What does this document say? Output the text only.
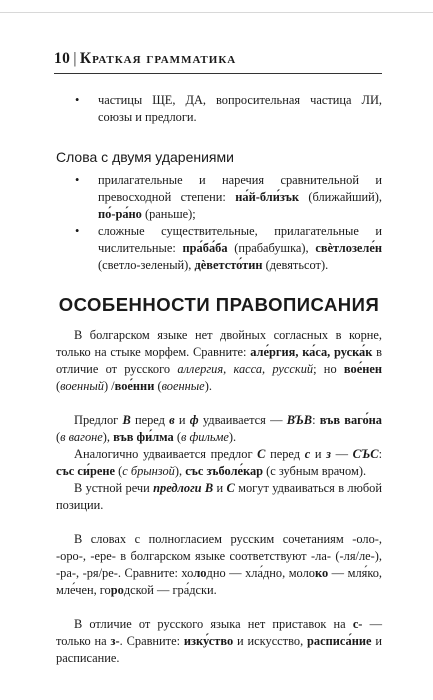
10 | Краткая грамматика

•	частицы ЩЕ, ДА, вопросительная частица ЛИ, союзы и предлоги.

Слова с двумя ударениями

•	прилагательные и наречия сравнительной и превосходной степени: на́й-бли́зък (ближайший), по́-ра́но (раньше);

•	сложные существительные, прилагательные и числительные: пра́ба́ба (прабабушка), свѐтлозеле́н (светло-зеленый), дѐветсто́тин (девятьсот).

ОСОБЕННОСТИ ПРАВОПИСАНИЯ

В болгарском языке нет двойных согласных в корне, только на стыке морфем. Сравните: але́ргия, ка́са, руска́к в отличие от русского аллергия, касса, русский; но вое́нен (военный) /вое́нни (военные).

Предлог В перед в и ф удваивается — ВЪВ: във ваго́на (в вагоне), във фи́лма (в фильме).

Аналогично удваивается предлог С перед с и з — СЪС: със си́рене (с брынзой), със зъболе́кар (с зубным врачом).

В устной речи предлоги В и С могут удваиваться в любой позиции.

В словах с полногласием русским сочетаниям -оло-, -оро-, -ере- в болгарском языке соответствуют -ла- (-ля/ле-), -ра-, -ря/ре-. Сравните: холодно — хла́дно, молоко — мля́ко, мле́чен, городской — гра́дски.

В отличие от русского языка нет приставок на с- — только на з-. Сравните: изку́ство и искусство, расписа́ние и расписание.
